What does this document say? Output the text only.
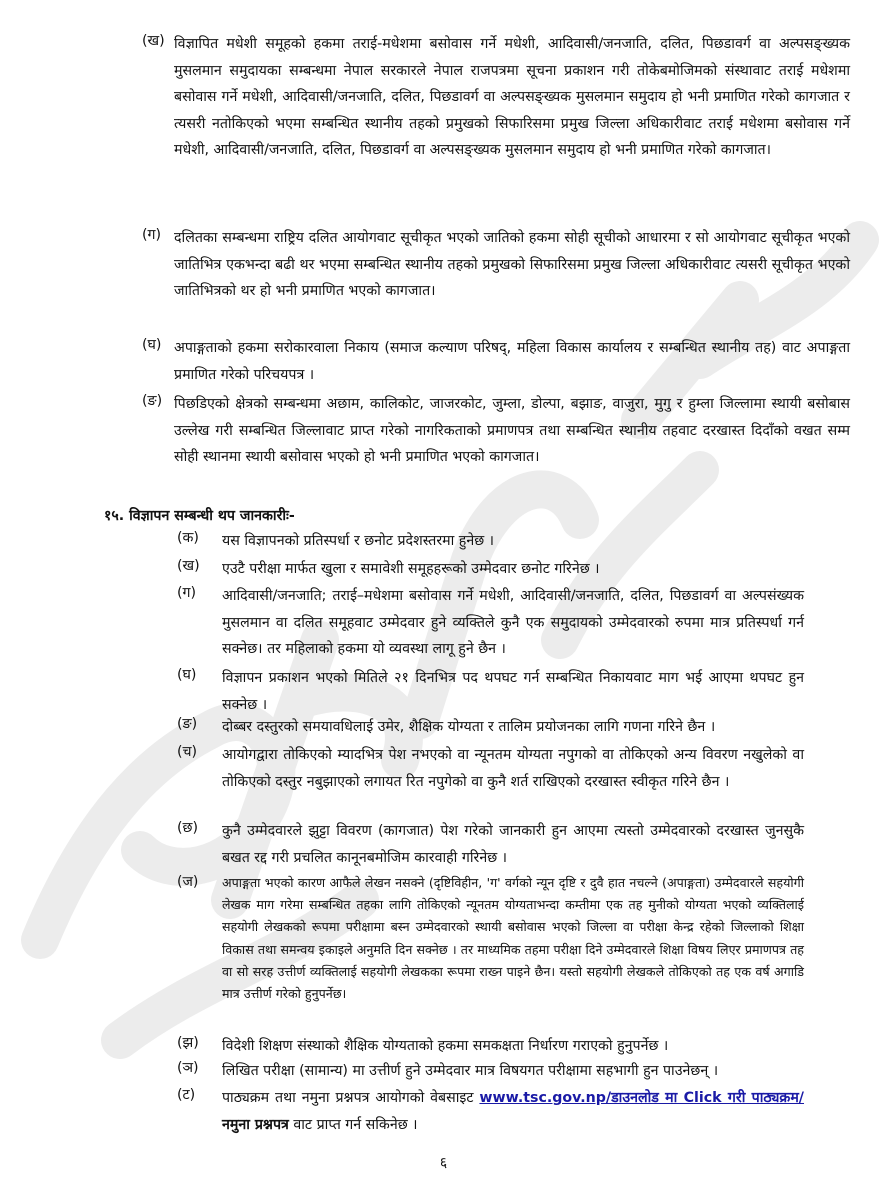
(ख) विज्ञापित मधेशी समूहको हकमा तराई-मधेशमा बसोवास गर्ने मधेशी, आदिवासी/जनजाति, दलित, पिछडावर्ग वा अल्पसङ्ख्यक मुसलमान समुदायका सम्बन्धमा नेपाल सरकारले नेपाल राजपत्रमा सूचना प्रकाशन गरी तोकेबमोजिमको संस्थावाट तराई मधेशमा बसोवास गर्ने मधेशी, आदिवासी/जनजाति, दलित, पिछडावर्ग वा अल्पसङ्ख्यक मुसलमान समुदाय हो भनी प्रमाणित गरेको कागजात र त्यसरी नतोकिएको भएमा सम्बन्धित स्थानीय तहको प्रमुखको सिफारिसमा प्रमुख जिल्ला अधिकारीवाट तराई मधेशमा बसोवास गर्ने मधेशी, आदिवासी/जनजाति, दलित, पिछडावर्ग वा अल्पसङ्ख्यक मुसलमान समुदाय हो भनी प्रमाणित गरेको कागजात।
(ग) दलितका सम्बन्धमा राष्ट्रिय दलित आयोगवाट सूचीकृत भएको जातिको हकमा सोही सूचीको आधारमा र सो आयोगवाट सूचीकृत भएको जातिभित्र एकभन्दा बढी थर भएमा सम्बन्धित स्थानीय तहको प्रमुखको सिफारिसमा प्रमुख जिल्ला अधिकारीवाट त्यसरी सूचीकृत भएको जातिभित्रको थर हो भनी प्रमाणित भएको कागजात।
(घ) अपाङ्गताको हकमा सरोकारवाला निकाय (समाज कल्याण परिषद्, महिला विकास कार्यालय र सम्बन्धित स्थानीय तह) वाट अपाङ्गता प्रमाणित गरेको परिचयपत्र ।
(ङ) पिछडिएको क्षेत्रको सम्बन्धमा अछाम, कालिकोट, जाजरकोट, जुम्ला, डोल्पा, बझाङ, वाजुरा, मुगु र हुम्ला जिल्लामा स्थायी बसोबास उल्लेख गरी सम्बन्धित जिल्लावाट प्राप्त गरेको नागरिकताको प्रमाणपत्र तथा सम्बन्धित स्थानीय तहवाट दरखास्त दिदाँको वखत सम्म सोही स्थानमा स्थायी बसोवास भएको हो भनी प्रमाणित भएको कागजात।
१५. विज्ञापन सम्बन्धी थप जानकारीः-
(क) यस विज्ञापनको प्रतिस्पर्धा र छनोट प्रदेशस्तरमा हुनेछ ।
(ख) एउटै परीक्षा मार्फत खुला र समावेशी समूहहरूको उम्मेदवार छनोट गरिनेछ ।
(ग) आदिवासी/जनजाति; तराई–मधेशमा बसोवास गर्ने मधेशी, आदिवासी/जनजाति, दलित, पिछडावर्ग वा अल्पसंख्यक मुसलमान वा दलित समूहवाट उम्मेदवार हुने व्यक्तिले कुनै एक समुदायको उम्मेदवारको रुपमा मात्र प्रतिस्पर्धा गर्न सक्नेछ। तर महिलाको हकमा यो व्यवस्था लागू हुने छैन ।
(घ) विज्ञापन प्रकाशन भएको मितिले २१ दिनभित्र पद थपघट गर्न सम्बन्धित निकायवाट माग भई आएमा थपघट हुन सक्नेछ ।
(ङ) दोब्बर दस्तुरको समयावधिलाई उमेर, शैक्षिक योग्यता र तालिम प्रयोजनका लागि गणना गरिने छैन ।
(च) आयोगद्वारा तोकिएको म्यादभित्र पेश नभएको वा न्यूनतम योग्यता नपुगको वा तोकिएको अन्य विवरण नखुलेको वा तोकिएको दस्तुर नबुझाएको लगायत रित नपुगेको वा कुनै शर्त राखिएको दरखास्त स्वीकृत गरिने छैन ।
(छ) कुनै उम्मेदवारले झुट्टा विवरण (कागजात) पेश गरेको जानकारी हुन आएमा त्यस्तो उम्मेदवारको दरखास्त जुनसुकै बखत रद्द गरी प्रचलित कानूनबमोजिम कारवाही गरिनेछ ।
(ज) अपाङ्गता भएको कारण आफैले लेखन नसक्ने (दृष्टिविहीन, 'ग' वर्गको न्यून दृष्टि र दुवै हात नचल्ने (अपाङ्गता) उम्मेदवारले सहयोगी लेखक माग गरेमा सम्बन्धित तहका लागि तोकिएको न्यूनतम योग्यताभन्दा कम्तीमा एक तह मुनीको योग्यता भएको व्यक्तिलाई सहयोगी लेखकको रूपमा परीक्षामा बस्न उम्मेदवारको स्थायी बसोवास भएको जिल्ला वा परीक्षा केन्द्र रहेको जिल्लाको शिक्षा विकास तथा समन्वय इकाइले अनुमति दिन सक्नेछ । तर माध्यमिक तहमा परीक्षा दिने उम्मेदवारले शिक्षा विषय लिएर प्रमाणपत्र तह वा सो सरह उत्तीर्ण व्यक्तिलाई सहयोगी लेखकका रूपमा राख्न पाइने छैन। यस्तो सहयोगी लेखकले तोकिएको तह एक वर्ष अगाडि मात्र उत्तीर्ण गरेको हुनुपर्नेछ।
(झ) विदेशी शिक्षण संस्थाको शैक्षिक योग्यताको हकमा समकक्षता निर्धारण गराएको हुनुपर्नेछ ।
(ञ) लिखित परीक्षा (सामान्य) मा उत्तीर्ण हुने उम्मेदवार मात्र विषयगत परीक्षामा सहभागी हुन पाउनेछन् ।
(ट) पाठ्यक्रम तथा नमुना प्रश्नपत्र आयोगको वेबसाइट www.tsc.gov.np/डाउनलोड मा Click गरी पाठ्यक्रम/नमुना प्रश्नपत्र वाट प्राप्त गर्न सकिनेछ ।
६
